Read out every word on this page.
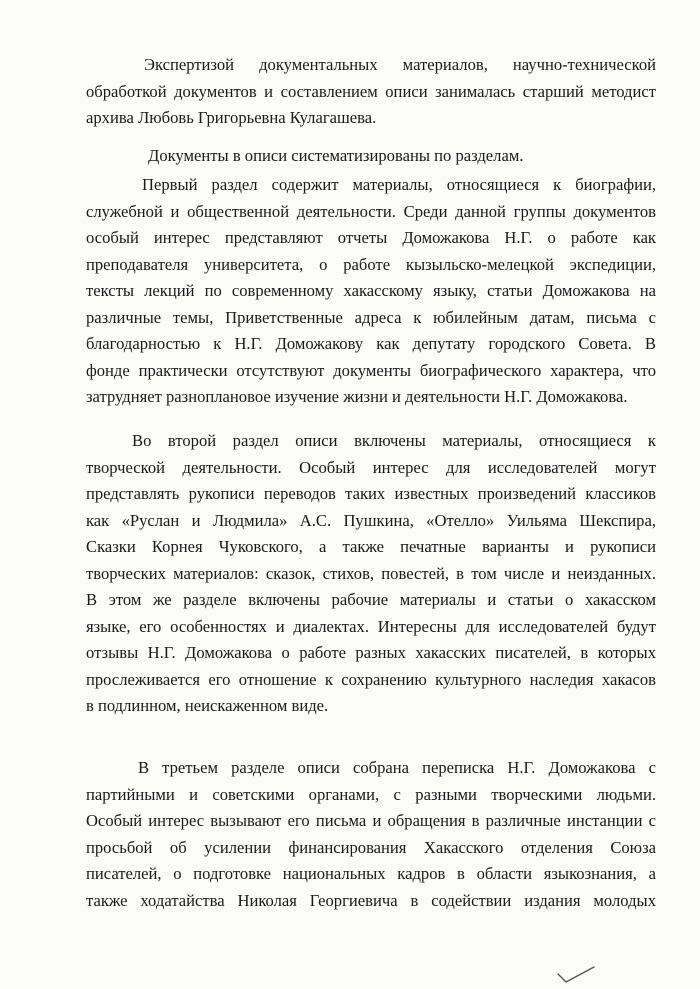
Экспертизой документальных материалов, научно-технической
обработкой документов и составлением описи занималась старший методист
архива Любовь Григорьевна Кулагашева.
Документы в описи систематизированы по разделам.
Первый раздел содержит материалы, относящиеся к биографии,
служебной и общественной деятельности. Среди данной группы документов
особый интерес представляют отчеты Доможакова Н.Г. о работе как
преподавателя университета, о работе кызыльско-мелецкой экспедиции,
тексты лекций по современному хакасскому языку, статьи Доможакова на
различные темы, Приветственные адреса к юбилейным датам, письма с
благодарностью к Н.Г. Доможакову как депутату городского Совета. В
фонде практически отсутствуют документы биографического характера, что
затрудняет разноплановое изучение жизни и деятельности Н.Г. Доможакова.
Во второй раздел описи включены материалы, относящиеся к
творческой деятельности. Особый интерес для исследователей могут
представлять рукописи переводов таких известных произведений классиков
как «Руслан и Людмила» А.С. Пушкина, «Отелло» Уильяма Шекспира,
Сказки Корнея Чуковского, а также печатные варианты и рукописи
творческих материалов: сказок, стихов, повестей, в том числе и неизданных.
В этом же разделе включены рабочие материалы и статьи о хакасском
языке, его особенностях и диалектах. Интересны для исследователей будут
отзывы Н.Г. Доможакова о работе разных хакасских писателей, в которых
прослеживается его отношение к сохранению культурного наследия хакасов
в подлинном, неискаженном виде.
В третьем разделе описи собрана переписка Н.Г. Доможакова с
партийными и советскими органами, с разными творческими людьми.
Особый интерес вызывают его письма и обращения в различные инстанции с
просьбой об усилении финансирования Хакасского отделения Союза
писателей, о подготовке национальных кадров в области языкознания, а
также ходатайства Николая Георгиевича в содействии издания молодых
